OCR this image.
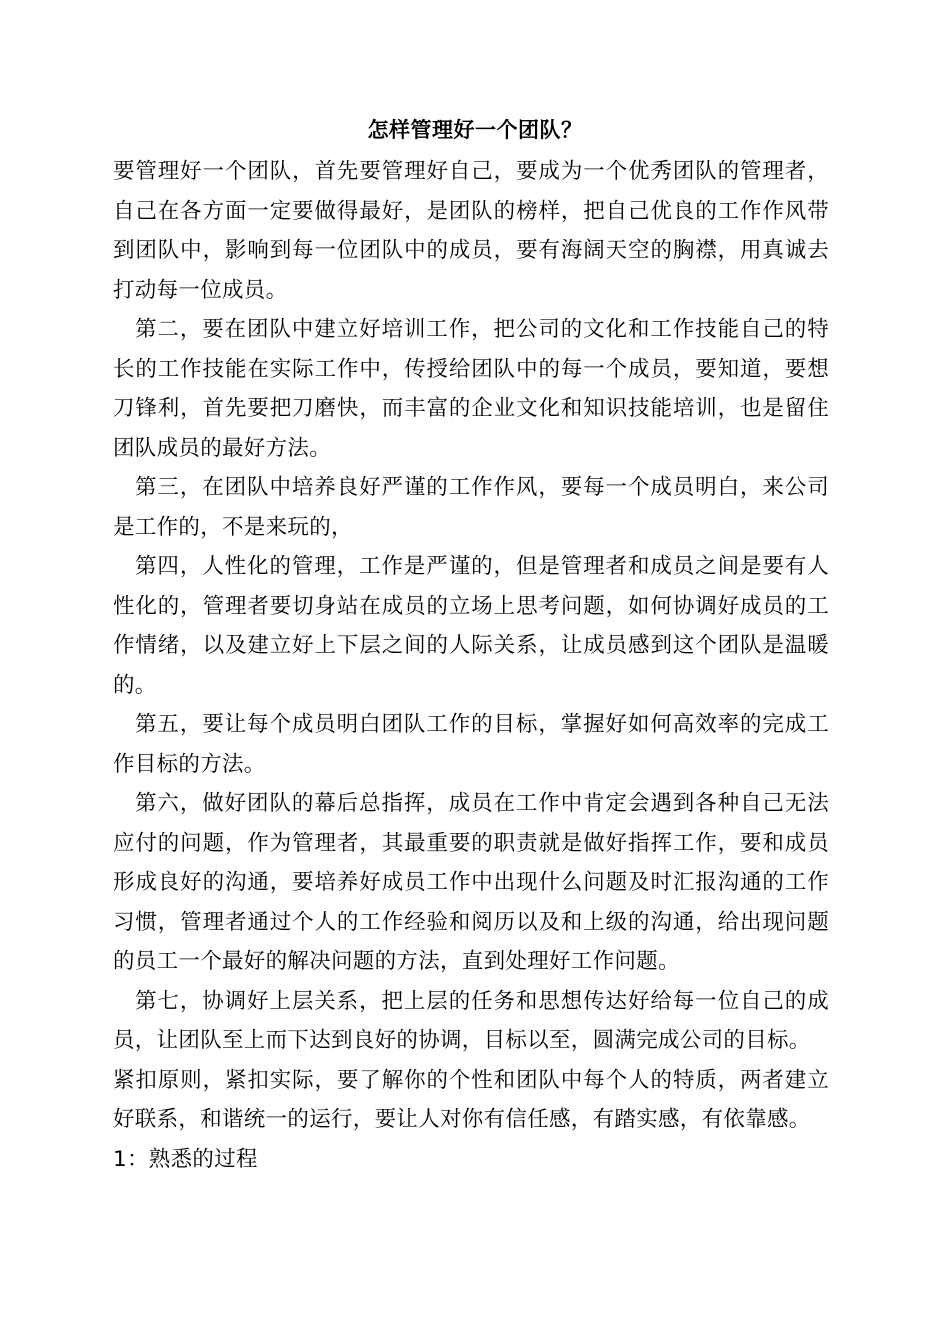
怎样管理好一个团队？

要管理好一个团队，首先要管理好自己，要成为一个优秀团队的管理者，自己在各方面一定要做得最好，是团队的榜样，把自己优良的工作作风带到团队中，影响到每一位团队中的成员，要有海阔天空的胸襟，用真诚去打动每一位成员。

第二，要在团队中建立好培训工作，把公司的文化和工作技能自己的特长的工作技能在实际工作中，传授给团队中的每一个成员，要知道，要想刀锋利，首先要把刀磨快，而丰富的企业文化和知识技能培训，也是留住团队成员的最好方法。

第三，在团队中培养良好严谨的工作作风，要每一个成员明白，来公司是工作的，不是来玩的，

第四，人性化的管理，工作是严谨的，但是管理者和成员之间是要有人性化的，管理者要切身站在成员的立场上思考问题，如何协调好成员的工作情绪，以及建立好上下层之间的人际关系，让成员感到这个团队是温暖的。

第五，要让每个成员明白团队工作的目标，掌握好如何高效率的完成工作目标的方法。

第六，做好团队的幕后总指挥，成员在工作中肯定会遇到各种自己无法应付的问题，作为管理者，其最重要的职责就是做好指挥工作，要和成员形成良好的沟通，要培养好成员工作中出现什么问题及时汇报沟通的工作习惯，管理者通过个人的工作经验和阅历以及和上级的沟通，给出现问题的员工一个最好的解决问题的方法，直到处理好工作问题。

第七，协调好上层关系，把上层的任务和思想传达好给每一位自己的成员，让团队至上而下达到良好的协调，目标以至，圆满完成公司的目标。

紧扣原则，紧扣实际，要了解你的个性和团队中每个人的特质，两者建立好联系，和谐统一的运行，要让人对你有信任感，有踏实感，有依靠感。

1：熟悉的过程
